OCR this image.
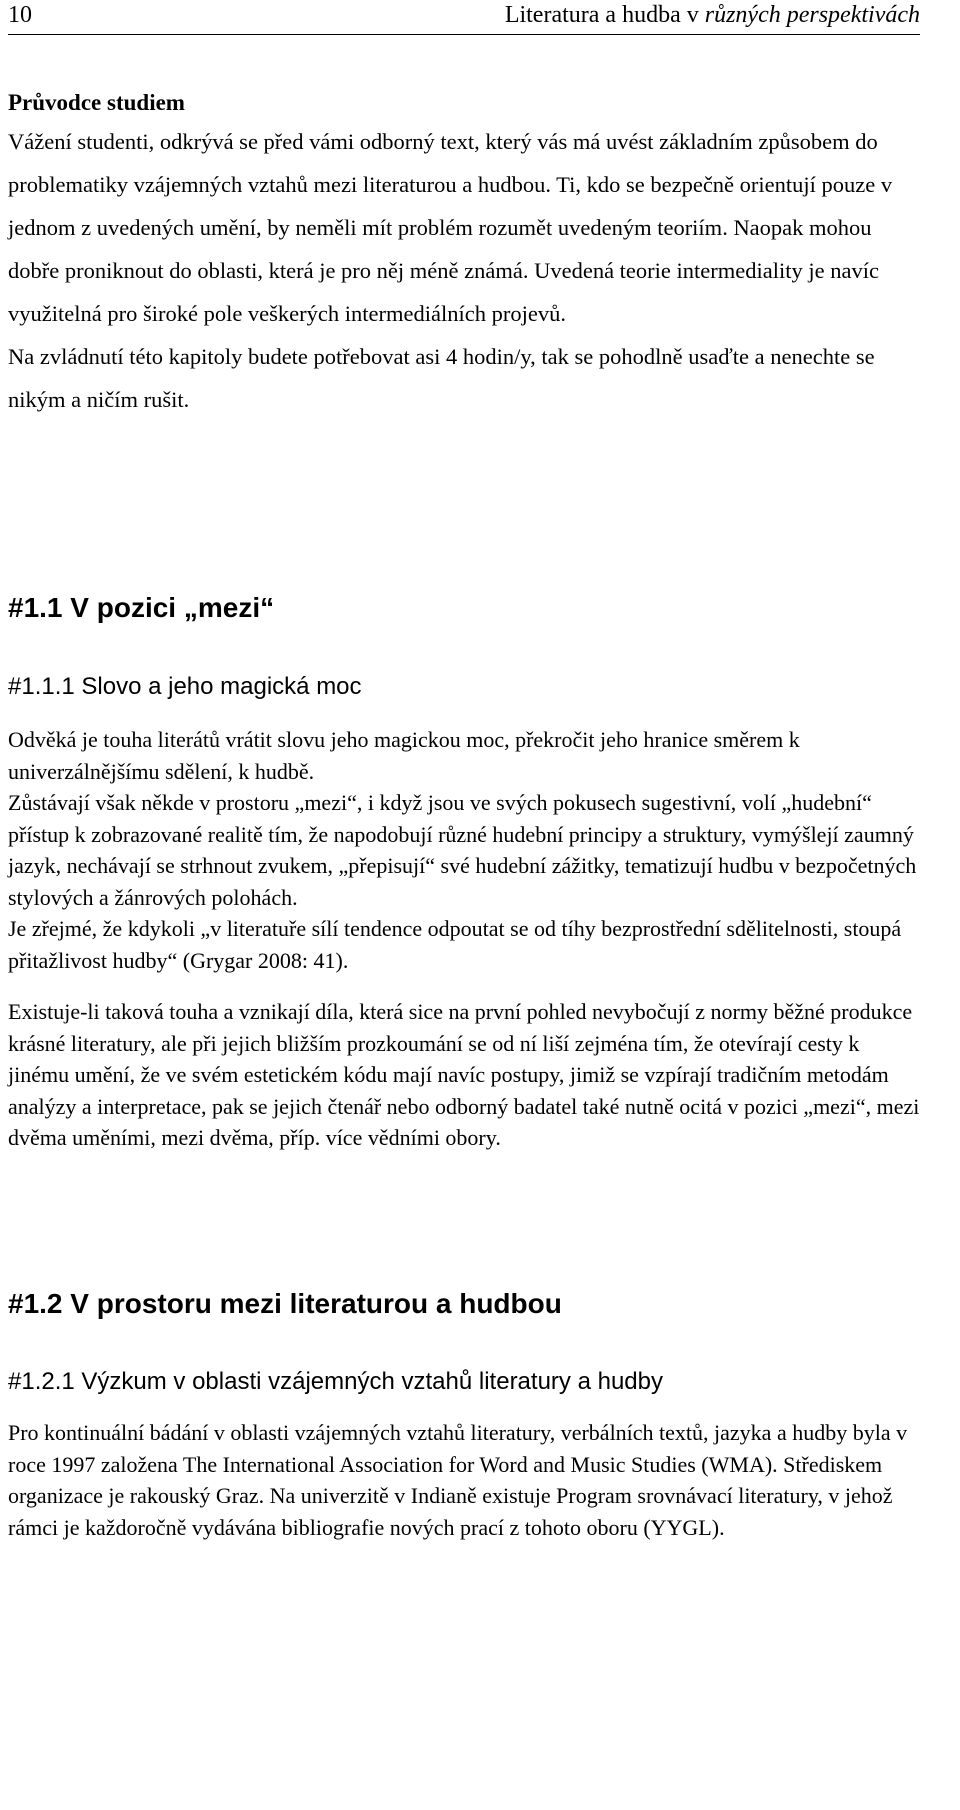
10	Literatura a hudba v různých perspektivách
Průvodce studiem

Vážení studenti, odkrývá se před vámi odborný text, který vás má uvést základním způsobem do problematiky vzájemných vztahů mezi literaturou a hudbou. Ti, kdo se bezpečně orientují pouze v jednom z uvedených umění, by neměli mít problém rozumět uvedeným teoriím. Naopak mohou dobře proniknout do oblasti, která je pro něj méně známá. Uvedená teorie intermediality je navíc využitelná pro široké pole veškerých intermediálních projevů.

Na zvládnutí této kapitoly budete potřebovat asi 4 hodin/y, tak se pohodlně usaďte a nenechte se nikým a ničím rušit.

#1.1 V pozici „mezi“
#1.1.1 Slovo a jeho magická moc

Odvěká je touha literátů vrátit slovu jeho magickou moc, překročit jeho hranice směrem k univerzálnějšímu sdělení, k hudbě.

Zůstávají však někde v prostoru „mezi“, i když jsou ve svých pokusech sugestivní, volí „hudební“ přístup k zobrazované realitě tím, že napodobují různé hudební principy a struktury, vymýšlejí zaumný jazyk, nechávají se strhnout zvukem, „přepisují“ své hudební zážitky, tematizují hudbu v bezpočetných stylových a žánrových polohách.

Je zřejmé, že kdykoli „v literatuře sílí tendence odpoutat se od tíhy bezprostřední sdělitelnosti, stoupá přitažlivost hudby“ (Grygar 2008: 41).

Existuje-li taková touha a vznikají díla, která sice na první pohled nevybočují z normy běžné produkce krásné literatury, ale při jejich bližším prozkoumání se od ní liší zejména tím, že otevírají cesty k jinému umění, že ve svém estetickém kódu mají navíc postupy, jimiž se vzpírají tradičním metodám analýzy a interpretace, pak se jejich čtenář nebo odborný badatel také nutně ocitá v pozici „mezi“, mezi dvěma uměními, mezi dvěma, příp. více vědními obory.

#1.2 V prostoru mezi literaturou a hudbou
#1.2.1 Výzkum v oblasti vzájemných vztahů literatury a hudby

Pro kontinuální bádání v oblasti vzájemných vztahů literatury, verbálních textů, jazyka a hudby byla v roce 1997 založena The International Association for Word and Music Studies (WMA). Střediskem organizace je rakouský Graz. Na univerzitě v Indianě existuje Program srovnávací literatury, v jehož rámci je každoročně vydávána bibliografie nových prací z tohoto oboru (YYGL).
